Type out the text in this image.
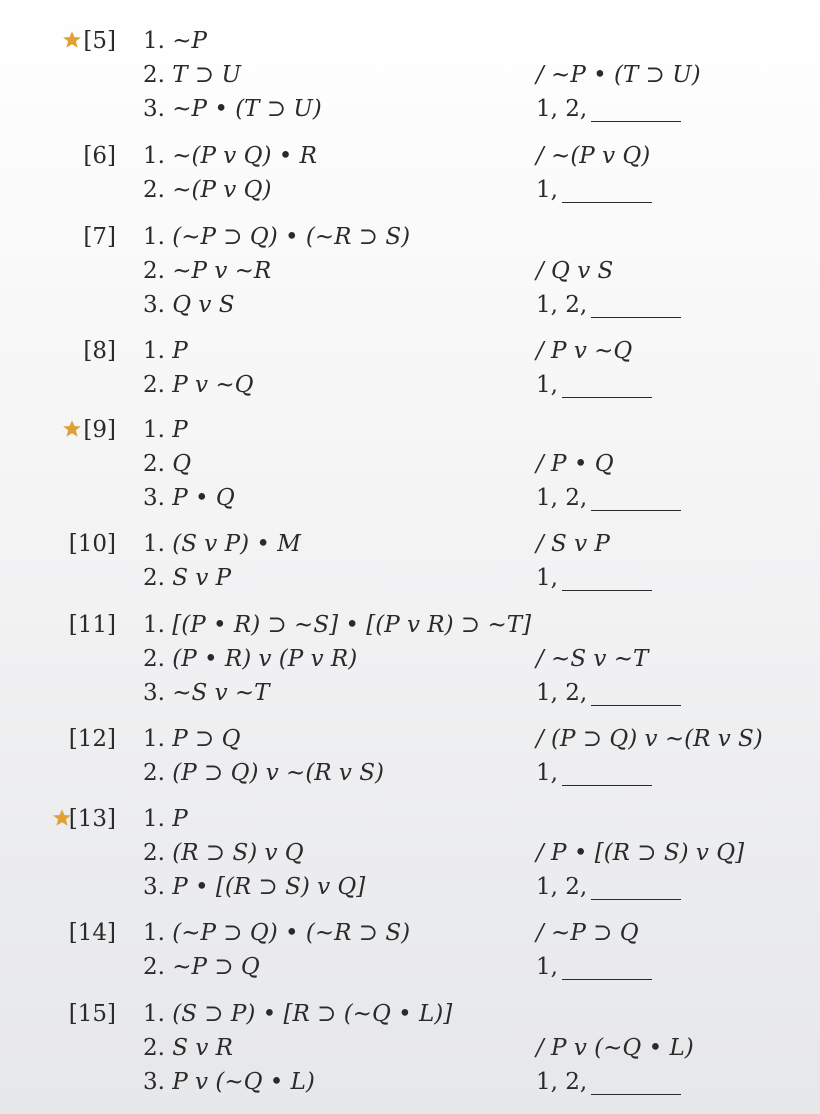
[5] 1. ~P
2. T ⊃ U	/ ~P • (T ⊃ U)
3. ~P • (T ⊃ U)	1, 2,
[6] 1. ~(P v Q) • R	/ ~(P v Q)
2. ~(P v Q)	1,
[7] 1. (~P ⊃ Q) • (~R ⊃ S)
2. ~P v ~R	/ Q v S
3. Q v S	1, 2,
[8] 1. P	/ P v ~Q
2. P v ~Q	1,
[9] 1. P
2. Q	/ P • Q
3. P • Q	1, 2,
[10] 1. (S v P) • M	/ S v P
2. S v P	1,
[11] 1. [(P • R) ⊃ ~S] • [(P v R) ⊃ ~T]
2. (P • R) v (P v R)	/ ~S v ~T
3. ~S v ~T	1, 2,
[12] 1. P ⊃ Q	/ (P ⊃ Q) v ~(R v S)
2. (P ⊃ Q) v ~(R v S)	1,
[13] 1. P
2. (R ⊃ S) v Q	/ P • [(R ⊃ S) v Q]
3. P • [(R ⊃ S) v Q]	1, 2,
[14] 1. (~P ⊃ Q) • (~R ⊃ S)	/ ~P ⊃ Q
2. ~P ⊃ Q	1,
[15] 1. (S ⊃ P) • [R ⊃ (~Q • L)]
2. S v R	/ P v (~Q • L)
3. P v (~Q • L)	1, 2,
